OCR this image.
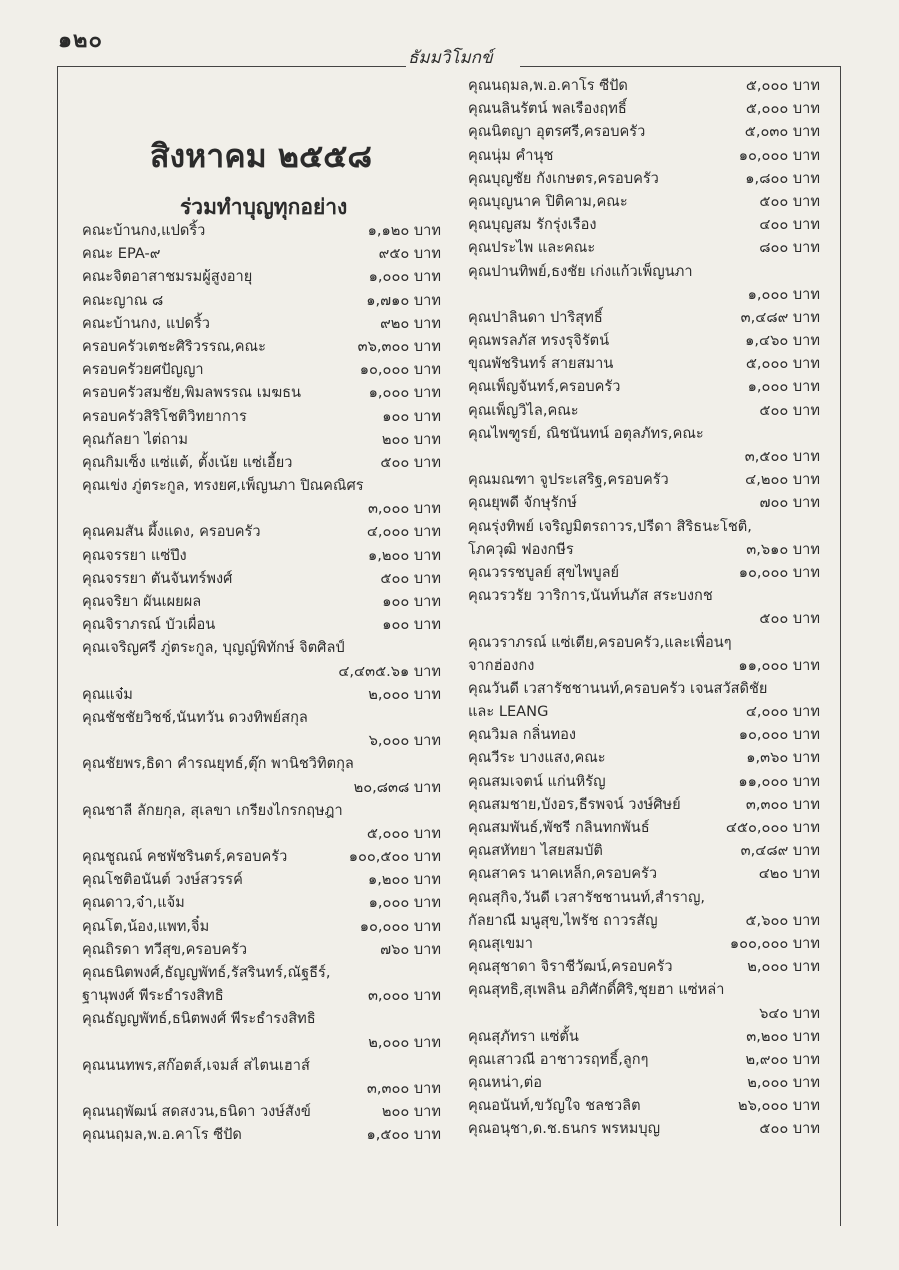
๑๒๐
ธัมมวิโมกข์
สิงหาคม ๒๕๕๘
ร่วมทำบุญทุกอย่าง
คณะบ้านกง,แปดริ้ว	๑,๑๒๐ บาท
คณะ EPA-๙	๙๕๐ บาท
คณะจิตอาสาชมรมผู้สูงอายุ	๑,๐๐๐ บาท
คณะญาณ ๘	๑,๗๑๐ บาท
คณะบ้านกง, แปดริ้ว	๙๒๐ บาท
ครอบครัวเตชะศิริวรรณ,คณะ	๓๖,๓๐๐ บาท
ครอบครัวยศปัญญา	๑๐,๐๐๐ บาท
ครอบครัวสมชัย,พิมลพรรณ เมฆธน	๑,๐๐๐ บาท
ครอบครัวสิริโชติวิทยาการ	๑๐๐ บาท
คุณกัลยา ไต่ถาม	๒๐๐ บาท
คุณกิมเซ็ง แซ่แต้, ตั้งเน้ย แซ่เอี้ยว	๕๐๐ บาท
คุณเข่ง ภู่ตระกูล, ทรงยศ,เพ็ญนภา ปิณคณิศร
๓,๐๐๐ บาท
คุณคมสัน ผึ้งแดง, ครอบครัว	๔,๐๐๐ บาท
คุณจรรยา แซ่ปึง	๑,๒๐๐ บาท
คุณจรรยา ตันจันทร์พงศ์	๕๐๐ บาท
คุณจริยา ผันเผยผล	๑๐๐ บาท
คุณจิราภรณ์ บัวเผื่อน	๑๐๐ บาท
คุณเจริญศรี ภู่ตระกูล, บุญญ์พิทักษ์ จิตศิลป์
๔,๔๓๕.๖๑ บาท
คุณแจ๋ม	๒,๐๐๐ บาท
คุณชัชชัยวิชช์,นันทวัน ดวงทิพย์สกุล
๖,๐๐๐ บาท
คุณชัยพร,ธิดา คำรณยุทธ์,ตุ๊ก พานิชวิทิตกุล
๒๐,๘๓๘ บาท
คุณชาลี ลักยกุล, สุเลขา เกรียงไกรกฤษฎา
๕,๐๐๐ บาท
คุณชูณณ์ คชพัชรินตร์,ครอบครัว	๑๐๐,๕๐๐ บาท
คุณโชติอนันต์ วงษ์สวรรค์	๑,๒๐๐ บาท
คุณดาว,จ๋า,แจ้ม	๑,๐๐๐ บาท
คุณโต,น้อง,แพท,จิ๋ม	๑๐,๐๐๐ บาท
คุณถิรดา ทวีสุข,ครอบครัว	๗๖๐ บาท
คุณธนิตพงศ์,ธัญญพัทธ์,รัสรินทร์,ณัฐธีร์,
ฐานุพงศ์ พีระธำรงสิทธิ	๓,๐๐๐ บาท
คุณธัญญพัทธ์,ธนิตพงศ์ พีระธำรงสิทธิ
๒,๐๐๐ บาท
คุณนนทพร,สก๊อตส์,เจมส์ สไตนเฮาส์
๓,๓๐๐ บาท
คุณนฤพัฒน์ สดสงวน,ธนิดา วงษ์สังข์	๒๐๐ บาท
คุณนฤมล,พ.อ.คาโร ซีปัด	๑,๕๐๐ บาท
คุณนฤมล,พ.อ.คาโร ซีปัด	๕,๐๐๐ บาท
คุณนลินรัตน์ พลเรืองฤทธิ์	๕,๐๐๐ บาท
คุณนิตญา อุตรศรี,ครอบครัว	๕,๐๓๐ บาท
คุณนุ่ม คำนุช	๑๐,๐๐๐ บาท
คุณบุญชัย กังเกษตร,ครอบครัว	๑,๘๐๐ บาท
คุณบุญนาค ปิติคาม,คณะ	๕๐๐ บาท
คุณบุญสม รักรุ่งเรือง	๔๐๐ บาท
คุณประไพ และคณะ	๘๐๐ บาท
คุณปานทิพย์,ธงชัย เก่งแก้วเพ็ญนภา
๑,๐๐๐ บาท
คุณปาลินดา ปาริสุทธิ์	๓,๔๘๙ บาท
คุณพรลภัส ทรงรุจิรัตน์	๑,๔๖๐ บาท
ขุณพัชรินทร์ สายสมาน	๕,๐๐๐ บาท
คุณเพ็ญจันทร์,ครอบครัว	๑,๐๐๐ บาท
คุณเพ็ญวิไล,คณะ	๕๐๐ บาท
คุณไพฑูรย์, ณิชนันทน์ อตุลภัทร,คณะ
๓,๕๐๐ บาท
คุณมณฑา จูประเสริฐ,ครอบครัว	๔,๒๐๐ บาท
คุณยุพดี จักษุรักษ์	๗๐๐ บาท
คุณรุ่งทิพย์ เจริญมิตรถาวร,ปรีดา สิริธนะโชติ,
โภควุฒิ ฟองกษีร	๓,๖๑๐ บาท
คุณวรรชบูลย์ สุขไพบูลย์	๑๐,๐๐๐ บาท
คุณวรวรัย วาริการ,นันท์นภัส สระบงกช
๕๐๐ บาท
คุณวราภรณ์ แซ่เตีย,ครอบครัว,และเพื่อนๆ
จากฮ่องกง	๑๑,๐๐๐ บาท
คุณวันดี เวสารัชชานนท์,ครอบครัว เจนสวัสดิชัย
และ LEANG	๔,๐๐๐ บาท
คุณวิมล กลิ่นทอง	๑๐,๐๐๐ บาท
คุณวีระ บางแสง,คณะ	๑,๓๖๐ บาท
คุณสมเจตน์ แก่นหิรัญ	๑๑,๐๐๐ บาท
คุณสมชาย,บังอร,ธีรพจน์ วงษ์ศิษย์	๓,๓๐๐ บาท
คุณสมพันธ์,พัชรี กลินทกพันธ์	๔๕๐,๐๐๐ บาท
คุณสหัทยา ไสยสมบัติ	๓,๔๘๙ บาท
คุณสาคร นาคเหล็ก,ครอบครัว	๔๒๐ บาท
คุณสุกิจ,วันดี เวสารัชชานนท์,สำราญ,
กัลยาณี มนูสุข,ไพรัช ถาวรสัญ	๕,๖๐๐ บาท
คุณสุเขมา	๑๐๐,๐๐๐ บาท
คุณสุชาดา จิราชีวัฒน์,ครอบครัว	๒,๐๐๐ บาท
คุณสุทธิ,สุเพลิน อภิศักดิ์ศิริ,ชุยฮา แซ่หล่า
๖๔๐ บาท
คุณสุภัทรา แซ่ตั้น	๓,๒๐๐ บาท
คุณเสาวณี อาชาวรฤทธิ์,ลูกๆ	๒,๙๐๐ บาท
คุณหน่า,ต่อ	๒,๐๐๐ บาท
คุณอนันท์,ขวัญใจ ชลชวลิต	๒๖,๐๐๐ บาท
คุณอนุชา,ด.ช.ธนกร พรหมบุญ	๕๐๐ บาท
